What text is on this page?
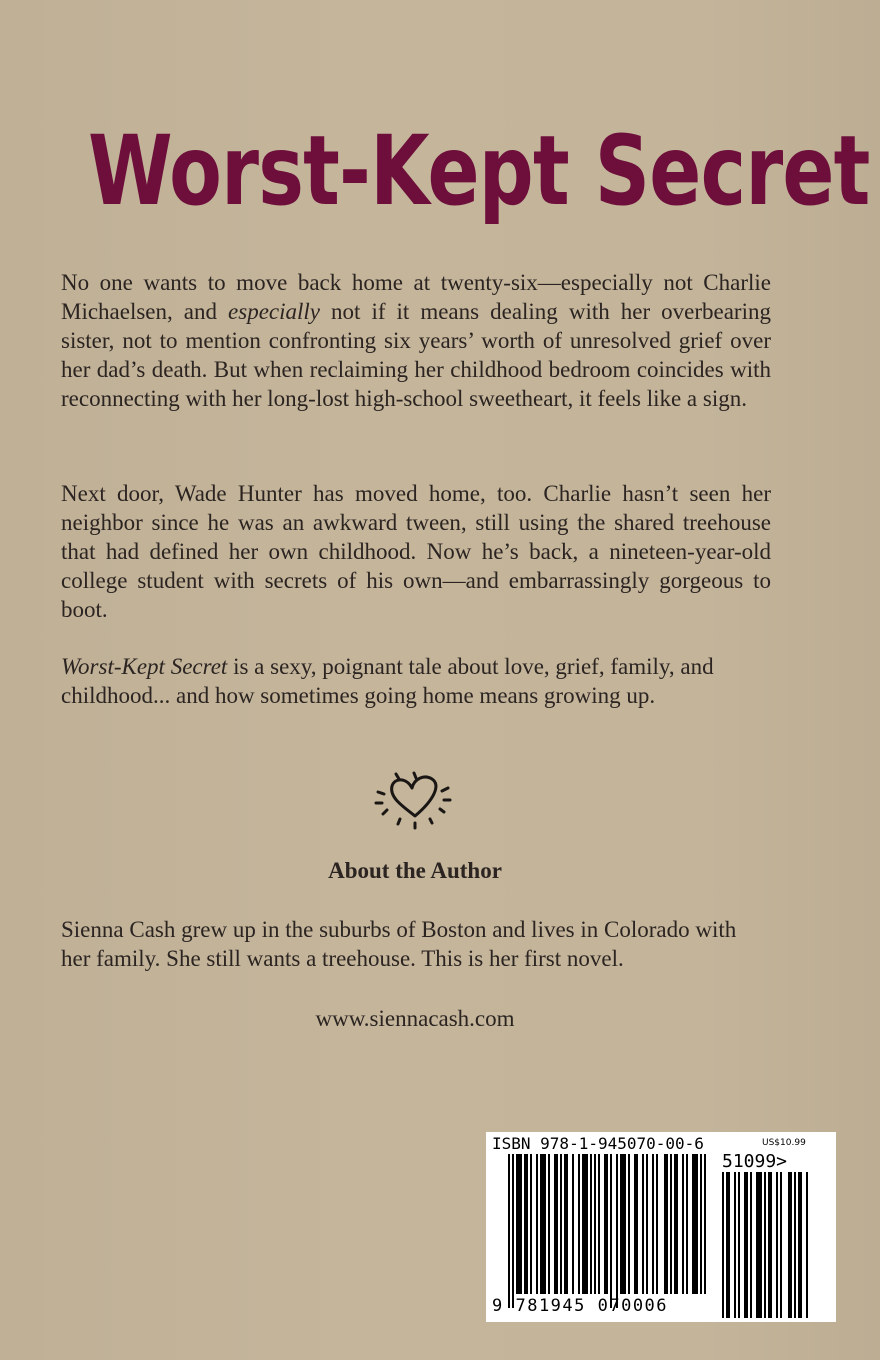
Worst-Kept Secret

No one wants to move back home at twenty-six—especially not Charlie Michaelsen, and especially not if it means dealing with her overbearing sister, not to mention confronting six years’ worth of unresolved grief over her dad’s death. But when reclaiming her childhood bedroom coincides with reconnecting with her long-lost high-school sweetheart, it feels like a sign.

Next door, Wade Hunter has moved home, too. Charlie hasn’t seen her neighbor since he was an awkward tween, still using the shared treehouse that had defined her own childhood. Now he’s back, a nineteen-year-old college student with secrets of his own—and embarrassingly gorgeous to boot.

Worst-Kept Secret is a sexy, poignant tale about love, grief, family, and childhood... and how sometimes going home means growing up.

About the Author

Sienna Cash grew up in the suburbs of Boston and lives in Colorado with her family. She still wants a treehouse. This is her first novel.

www.siennacash.com
ISBN 978-1-945070-00-6	US$10.99
51099>
9 781945 070006
